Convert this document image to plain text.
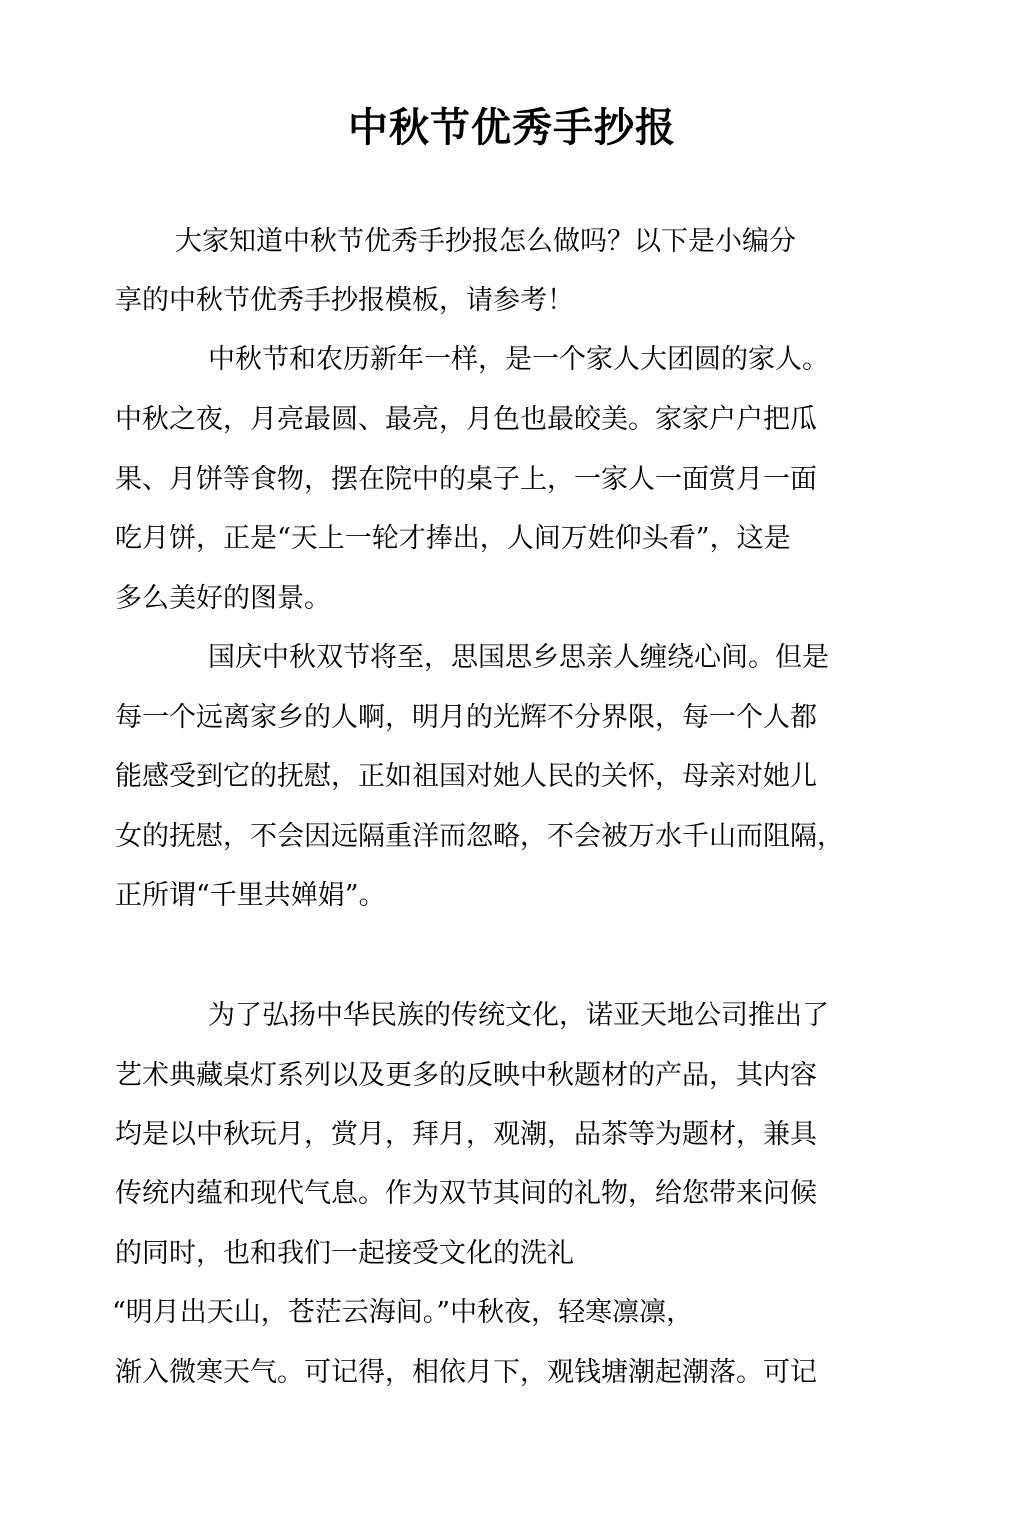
中秋节优秀手抄报

大家知道中秋节优秀手抄报怎么做吗？以下是小编分

享的中秋节优秀手抄报模板，请参考！

中秋节和农历新年一样，是一个家人大团圆的家人。

中秋之夜，月亮最圆、最亮，月色也最皎美。家家户户把瓜

果、月饼等食物，摆在院中的桌子上，一家人一面赏月一面

吃月饼，正是“天上一轮才捧出，人间万姓仰头看”，这是

多么美好的图景。

国庆中秋双节将至，思国思乡思亲人缠绕心间。但是

每一个远离家乡的人啊，明月的光辉不分界限，每一个人都

能感受到它的抚慰，正如祖国对她人民的关怀，母亲对她儿

女的抚慰，不会因远隔重洋而忽略，不会被万水千山而阻隔，

正所谓“千里共婵娟”。

为了弘扬中华民族的传统文化，诺亚天地公司推出了

艺术典藏桌灯系列以及更多的反映中秋题材的产品，其内容

均是以中秋玩月，赏月，拜月，观潮，品茶等为题材，兼具

传统内蕴和现代气息。作为双节其间的礼物，给您带来问候

的同时，也和我们一起接受文化的洗礼

“明月出天山，苍茫云海间。”中秋夜，轻寒凛凛，

渐入微寒天气。可记得，相依月下，观钱塘潮起潮落。可记
